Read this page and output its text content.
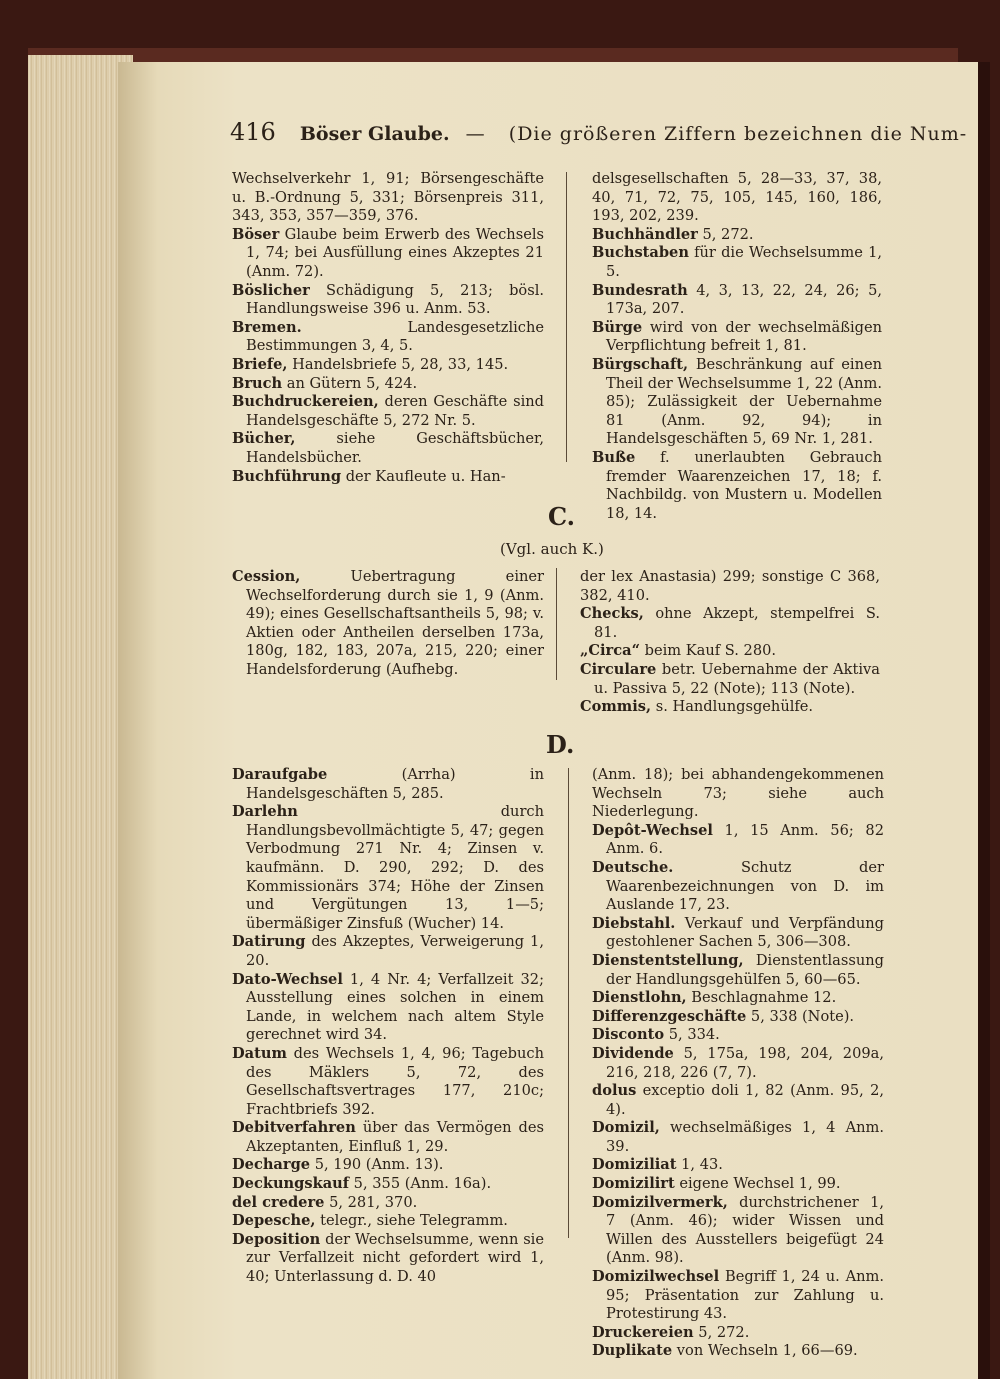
416 Böser Glaube. — (Die größeren Ziffern bezeichnen die Num-

Wechselverkehr 1, 91; Börsengeschäfte u. B.-Ordnung 5, 331; Börsenpreis 311, 343, 353, 357—359, 376.

Böser Glaube beim Erwerb des Wechsels 1, 74; bei Ausfüllung eines Akzeptes 21 (Anm. 72).

Böslicher Schädigung 5, 213; bösl. Handlungsweise 396 u. Anm. 53.

Bremen. Landesgesetzliche Bestimmungen 3, 4, 5.

Briefe, Handelsbriefe 5, 28, 33, 145.

Bruch an Gütern 5, 424.

Buchdruckereien, deren Geschäfte sind Handelsgeschäfte 5, 272 Nr. 5.

Bücher, siehe Geschäftsbücher, Handelsbücher.

Buchführung der Kaufleute u. Han-

delsgesellschaften 5, 28—33, 37, 38, 40, 71, 72, 75, 105, 145, 160, 186, 193, 202, 239.

Buchhändler 5, 272.

Buchstaben für die Wechselsumme 1, 5.

Bundesrath 4, 3, 13, 22, 24, 26; 5, 173a, 207.

Bürge wird von der wechselmäßigen Verpflichtung befreit 1, 81.

Bürgschaft, Beschränkung auf einen Theil der Wechselsumme 1, 22 (Anm. 85); Zulässigkeit der Uebernahme 81 (Anm. 92, 94); in Handelsgeschäften 5, 69 Nr. 1, 281.

Buße f. unerlaubten Gebrauch fremder Waarenzeichen 17, 18; f. Nachbildg. von Mustern u. Modellen 18, 14.

C.
(Vgl. auch K.)

Cession, Uebertragung einer Wechselforderung durch sie 1, 9 (Anm. 49); eines Gesellschaftsantheils 5, 98; v. Aktien oder Antheilen derselben 173a, 180g, 182, 183, 207a, 215, 220; einer Handelsforderung (Aufhebg.

der lex Anastasia) 299; sonstige C 368, 382, 410.

Checks, ohne Akzept, stempelfrei S. 81.

„Circa“ beim Kauf S. 280.

Circulare betr. Uebernahme der Aktiva u. Passiva 5, 22 (Note); 113 (Note).

Commis, s. Handlungsgehülfe.

D.

Daraufgabe (Arrha) in Handelsgeschäften 5, 285.

Darlehn durch Handlungsbevollmächtigte 5, 47; gegen Verbodmung 271 Nr. 4; Zinsen v. kaufmänn. D. 290, 292; D. des Kommissionärs 374; Höhe der Zinsen und Vergütungen 13, 1—5; übermäßiger Zinsfuß (Wucher) 14.

Datirung des Akzeptes, Verweigerung 1, 20.

Dato-Wechsel 1, 4 Nr. 4; Verfallzeit 32; Ausstellung eines solchen in einem Lande, in welchem nach altem Style gerechnet wird 34.

Datum des Wechsels 1, 4, 96; Tagebuch des Mäklers 5, 72, des Gesellschaftsvertrages 177, 210c; Frachtbriefs 392.

Debitverfahren über das Vermögen des Akzeptanten, Einfluß 1, 29.

Decharge 5, 190 (Anm. 13).

Deckungskauf 5, 355 (Anm. 16a).

del credere 5, 281, 370.

Depesche, telegr., siehe Telegramm.

Deposition der Wechselsumme, wenn sie zur Verfallzeit nicht gefordert wird 1, 40; Unterlassung d. D. 40

(Anm. 18); bei abhandengekommenen Wechseln 73; siehe auch Niederlegung.

Depôt-Wechsel 1, 15 Anm. 56; 82 Anm. 6.

Deutsche. Schutz der Waarenbezeichnungen von D. im Auslande 17, 23.

Diebstahl. Verkauf und Verpfändung gestohlener Sachen 5, 306—308.

Dienstentstellung, Dienstentlassung der Handlungsgehülfen 5, 60—65.

Dienstlohn, Beschlagnahme 12.

Differenzgeschäfte 5, 338 (Note).

Disconto 5, 334.

Dividende 5, 175a, 198, 204, 209a, 216, 218, 226 (7, 7).

dolus exceptio doli 1, 82 (Anm. 95, 2, 4).

Domizil, wechselmäßiges 1, 4 Anm. 39.

Domiziliat 1, 43.

Domizilirt eigene Wechsel 1, 99.

Domizilvermerk, durchstrichener 1, 7 (Anm. 46); wider Wissen und Willen des Ausstellers beigefügt 24 (Anm. 98).

Domizilwechsel Begriff 1, 24 u. Anm. 95; Präsentation zur Zahlung u. Protestirung 43.

Druckereien 5, 272.

Duplikate von Wechseln 1, 66—69.
